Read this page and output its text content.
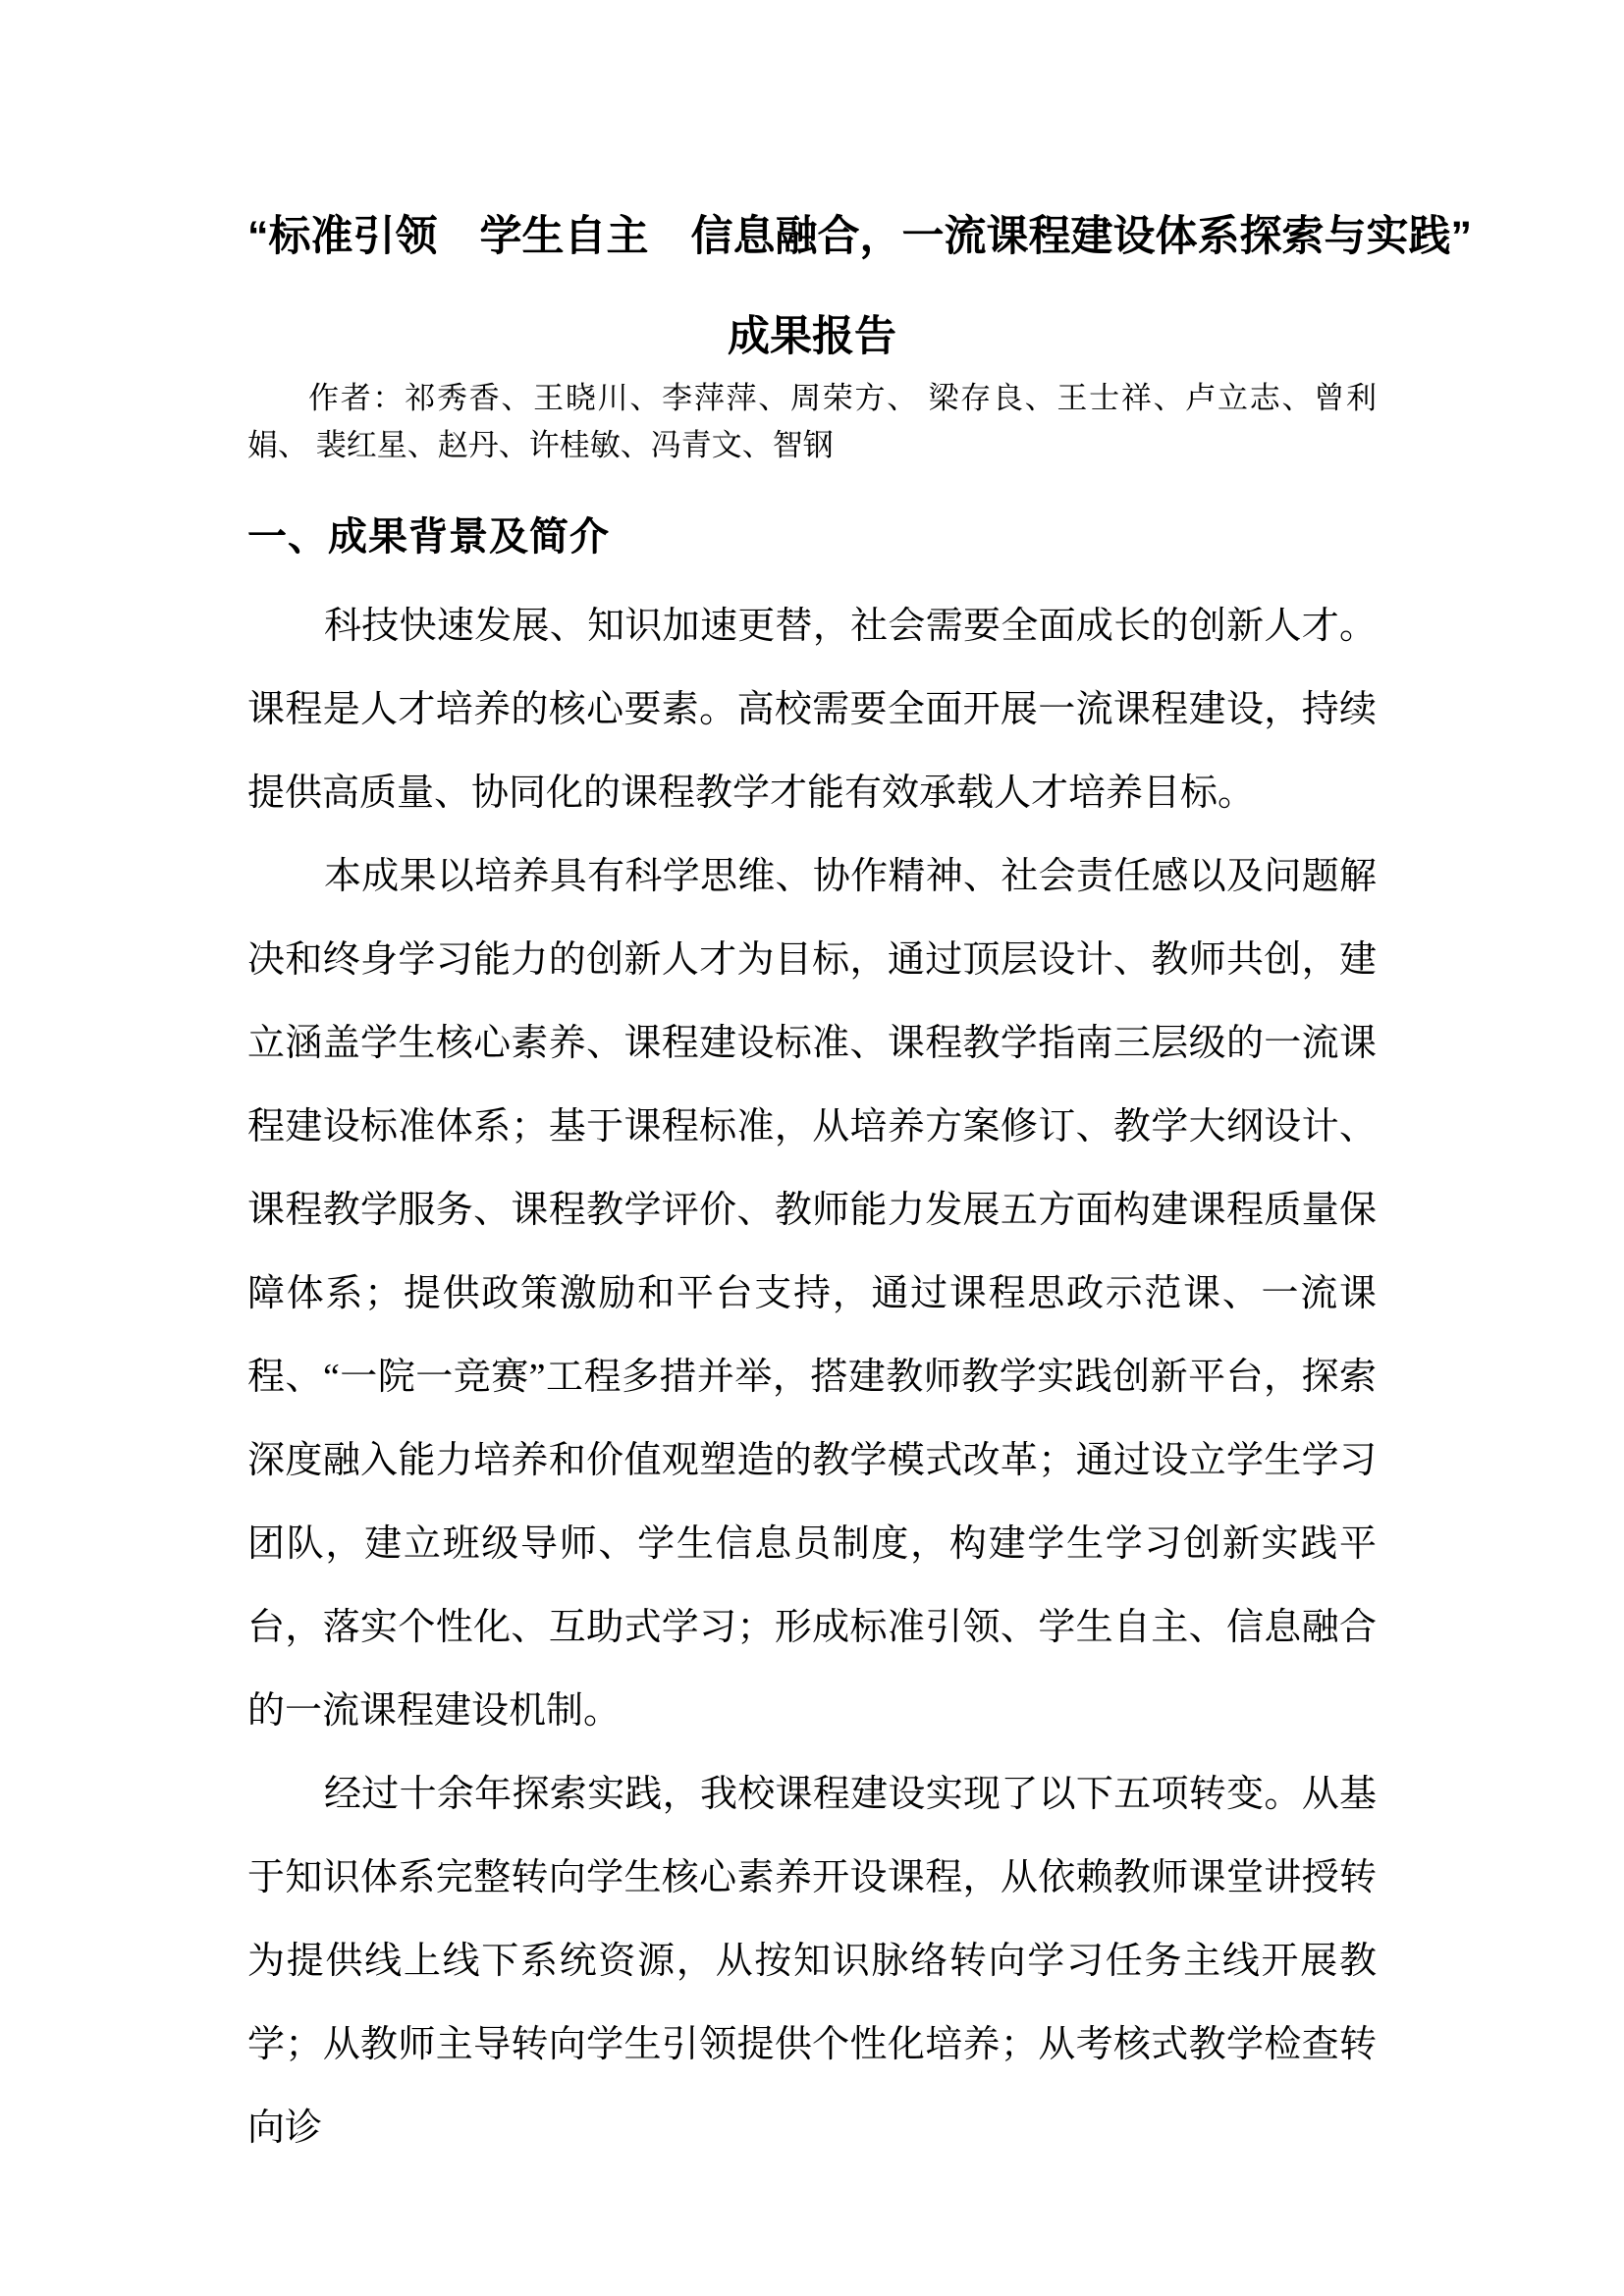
“标准引领　学生自主　信息融合，一流课程建设体系探索与实践”
成果报告

作者：祁秀香、王晓川、李萍萍、周荣方、 梁存良、王士祥、卢立志、曾利娟、 裴红星、赵丹、许桂敏、冯青文、智钢

一、成果背景及简介

科技快速发展、知识加速更替，社会需要全面成长的创新人才。课程是人才培养的核心要素。高校需要全面开展一流课程建设，持续提供高质量、协同化的课程教学才能有效承载人才培养目标。

本成果以培养具有科学思维、协作精神、社会责任感以及问题解决和终身学习能力的创新人才为目标，通过顶层设计、教师共创，建立涵盖学生核心素养、课程建设标准、课程教学指南三层级的一流课程建设标准体系；基于课程标准，从培养方案修订、教学大纲设计、课程教学服务、课程教学评价、教师能力发展五方面构建课程质量保障体系；提供政策激励和平台支持，通过课程思政示范课、一流课程、“一院一竞赛”工程多措并举，搭建教师教学实践创新平台，探索深度融入能力培养和价值观塑造的教学模式改革；通过设立学生学习团队，建立班级导师、学生信息员制度，构建学生学习创新实践平台，落实个性化、互助式学习；形成标准引领、学生自主、信息融合的一流课程建设机制。

经过十余年探索实践，我校课程建设实现了以下五项转变。从基于知识体系完整转向学生核心素养开设课程，从依赖教师课堂讲授转为提供线上线下系统资源，从按知识脉络转向学习任务主线开展教学；从教师主导转向学生引领提供个性化培养；从考核式教学检查转向诊
